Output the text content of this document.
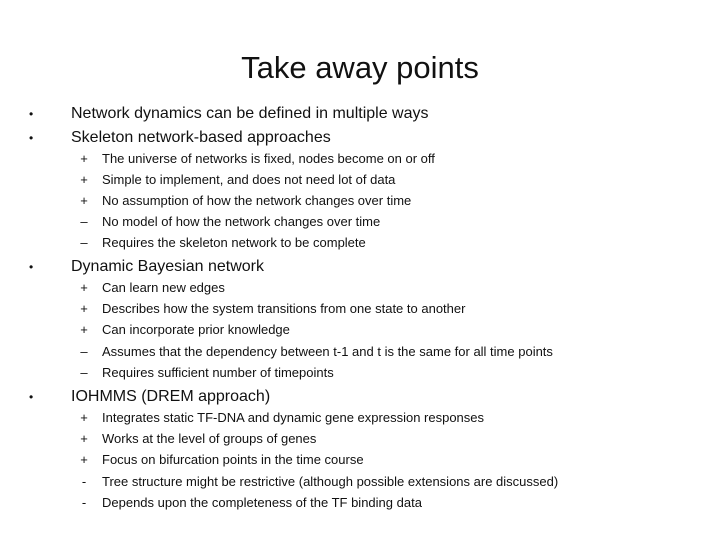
Take away points
•	Network dynamics can be defined in multiple ways
•	Skeleton network-based approaches
+ The universe of networks is fixed, nodes become on or off
+ Simple to implement, and does not need lot of data
+ No assumption of how the network changes over time
– No model of how the network changes over time
– Requires the skeleton network to be complete
•	Dynamic Bayesian network
+ Can learn new edges
+ Describes how the system transitions from one state to another
+ Can incorporate prior knowledge
– Assumes that the dependency between t-1 and t is the same for all time points
– Requires sufficient number of timepoints
•	IOHMMS (DREM approach)
+ Integrates static TF-DNA and dynamic gene expression responses
+ Works at the level of groups of genes
+ Focus on bifurcation points in the time course
-	Tree structure might be restrictive (although possible extensions are discussed)
-	Depends upon the completeness of the TF binding data
